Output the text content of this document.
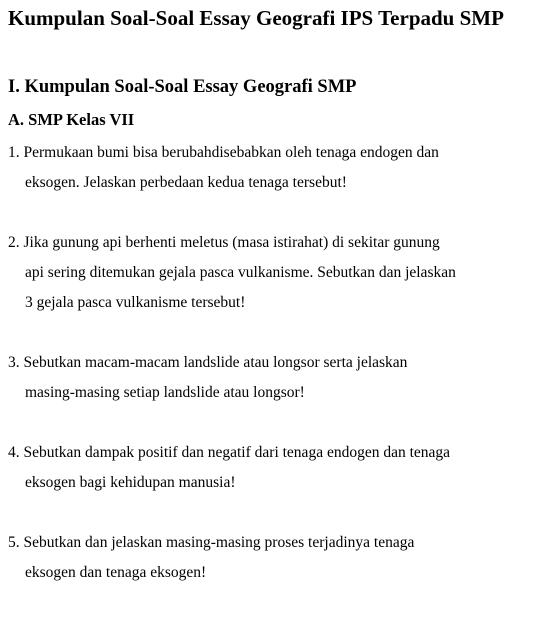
Kumpulan Soal-Soal Essay Geografi IPS Terpadu SMP
I. Kumpulan Soal-Soal Essay Geografi SMP
A. SMP Kelas VII
1. Permukaan bumi bisa berubahdisebabkan oleh tenaga endogen dan
eksogen. Jelaskan perbedaan kedua tenaga tersebut!
2. Jika gunung api berhenti meletus (masa istirahat) di sekitar gunung
api sering ditemukan gejala pasca vulkanisme. Sebutkan dan jelaskan
3 gejala pasca vulkanisme tersebut!
3. Sebutkan macam-macam landslide atau longsor serta jelaskan
masing-masing setiap landslide atau longsor!
4. Sebutkan dampak positif dan negatif dari tenaga endogen dan tenaga
eksogen bagi kehidupan manusia!
5. Sebutkan dan jelaskan masing-masing proses terjadinya tenaga
eksogen dan tenaga eksogen!
